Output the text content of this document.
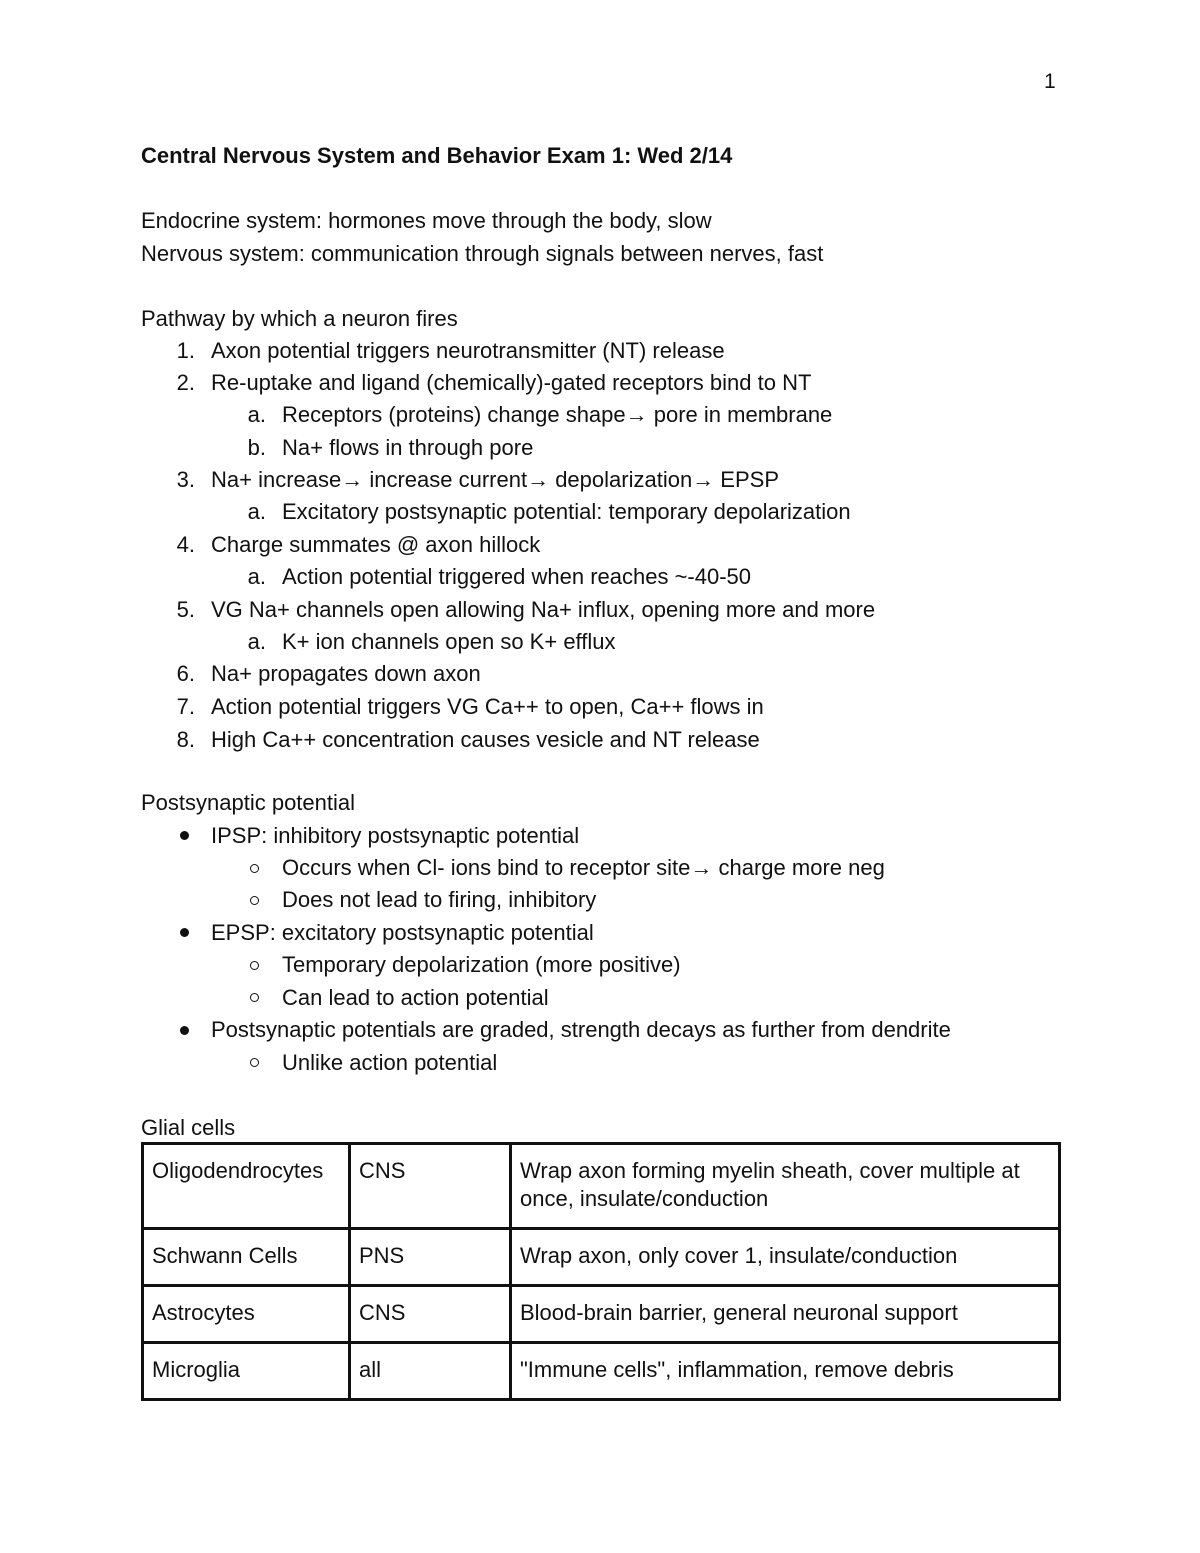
1
Central Nervous System and Behavior Exam 1: Wed 2/14
Endocrine system: hormones move through the body, slow
Nervous system: communication through signals between nerves, fast
Pathway by which a neuron fires
1. Axon potential triggers neurotransmitter (NT) release
2. Re-uptake and ligand (chemically)-gated receptors bind to NT
a. Receptors (proteins) change shape→ pore in membrane
b. Na+ flows in through pore
3. Na+ increase→ increase current→ depolarization→ EPSP
a. Excitatory postsynaptic potential: temporary depolarization
4. Charge summates @ axon hillock
a. Action potential triggered when reaches ~-40-50
5. VG Na+ channels open allowing Na+ influx, opening more and more
a. K+ ion channels open so K+ efflux
6. Na+ propagates down axon
7. Action potential triggers VG Ca++ to open, Ca++ flows in
8. High Ca++ concentration causes vesicle and NT release
Postsynaptic potential
IPSP: inhibitory postsynaptic potential
Occurs when Cl- ions bind to receptor site→ charge more neg
Does not lead to firing, inhibitory
EPSP: excitatory postsynaptic potential
Temporary depolarization (more positive)
Can lead to action potential
Postsynaptic potentials are graded, strength decays as further from dendrite
Unlike action potential
Glial cells
Oligodendrocytes	CNS	Wrap axon forming myelin sheath, cover multiple at once, insulate/conduction
Schwann Cells	PNS	Wrap axon, only cover 1, insulate/conduction
Astrocytes	CNS	Blood-brain barrier, general neuronal support
Microglia	all	"Immune cells", inflammation, remove debris
